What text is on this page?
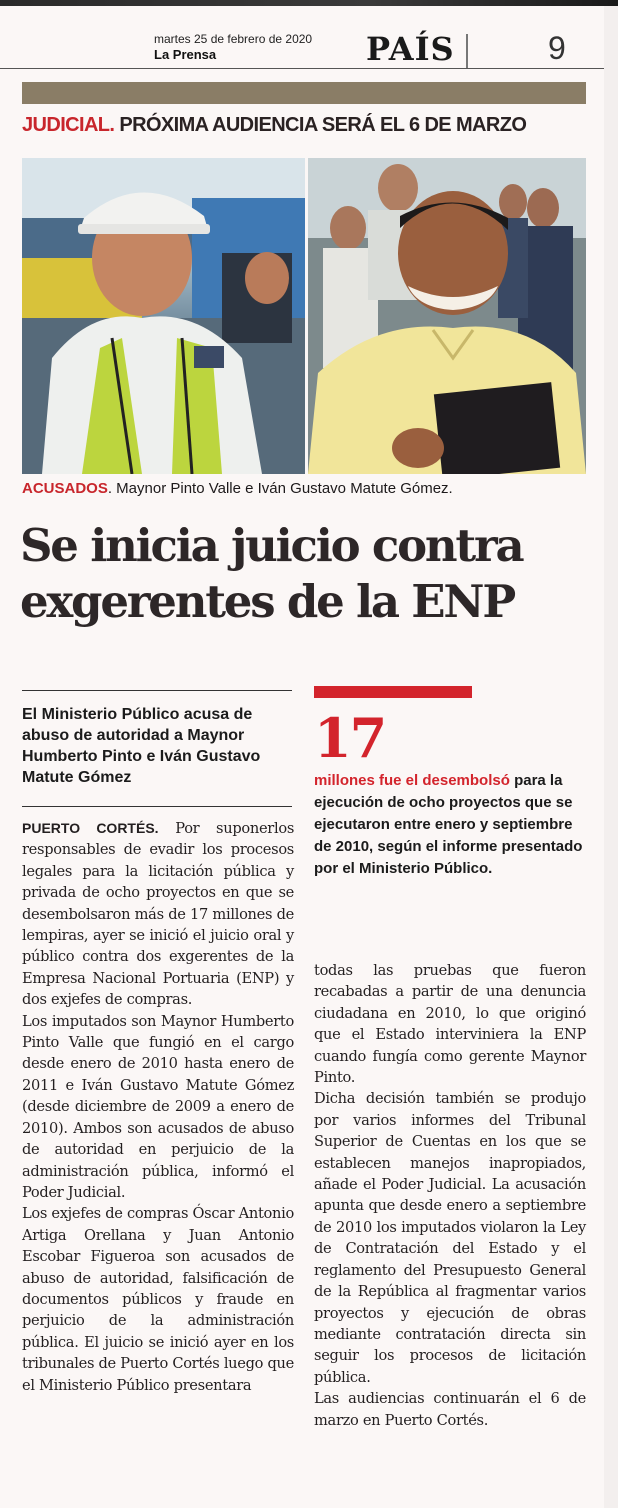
martes 25 de febrero de 2020
La Prensa	PAÍS	9
JUDICIAL. PRÓXIMA AUDIENCIA SERÁ EL 6 DE MARZO
ACUSADOS. Maynor Pinto Valle e Iván Gustavo Matute Gómez.
Se inicia juicio contra
exgerentes de la ENP
El Ministerio Público acusa de abuso de autoridad a Maynor Humberto Pinto e Iván Gustavo Matute Gómez
17
millones fue el desembolsó para la ejecución de ocho proyectos que se ejecutaron entre enero y septiembre de 2010, según el informe presentado por el Ministerio Público.

PUERTO CORTÉS. Por suponerlos responsables de evadir los procesos legales para la licitación pública y privada de ocho proyectos en que se desembolsaron más de 17 millones de lempiras, ayer se inició el juicio oral y público contra dos exgerentes de la Empresa Nacional Portuaria (ENP) y dos exjefes de compras.

Los imputados son Maynor Humberto Pinto Valle que fungió en el cargo desde enero de 2010 hasta enero de 2011 e Iván Gustavo Matute Gómez (desde diciembre de 2009 a enero de 2010). Ambos son acusados de abuso de autoridad en perjuicio de la administración pública, informó el Poder Judicial.

Los exjefes de compras Óscar Antonio Artiga Orellana y Juan Antonio Escobar Figueroa son acusados de abuso de autoridad, falsificación de documentos públicos y fraude en perjuicio de la administración pública. El juicio se inició ayer en los tribunales de Puerto Cortés luego que el Ministerio Público presentara

todas las pruebas que fueron recabadas a partir de una denuncia ciudadana en 2010, lo que originó que el Estado interviniera la ENP cuando fungía como gerente Maynor Pinto.

Dicha decisión también se produjo por varios informes del Tribunal Superior de Cuentas en los que se establecen manejos inapropiados, añade el Poder Judicial. La acusación apunta que desde enero a septiembre de 2010 los imputados violaron la Ley de Contratación del Estado y el reglamento del Presupuesto General de la República al fragmentar varios proyectos y ejecución de obras mediante contratación directa sin seguir los procesos de licitación pública.

Las audiencias continuarán el 6 de marzo en Puerto Cortés.
